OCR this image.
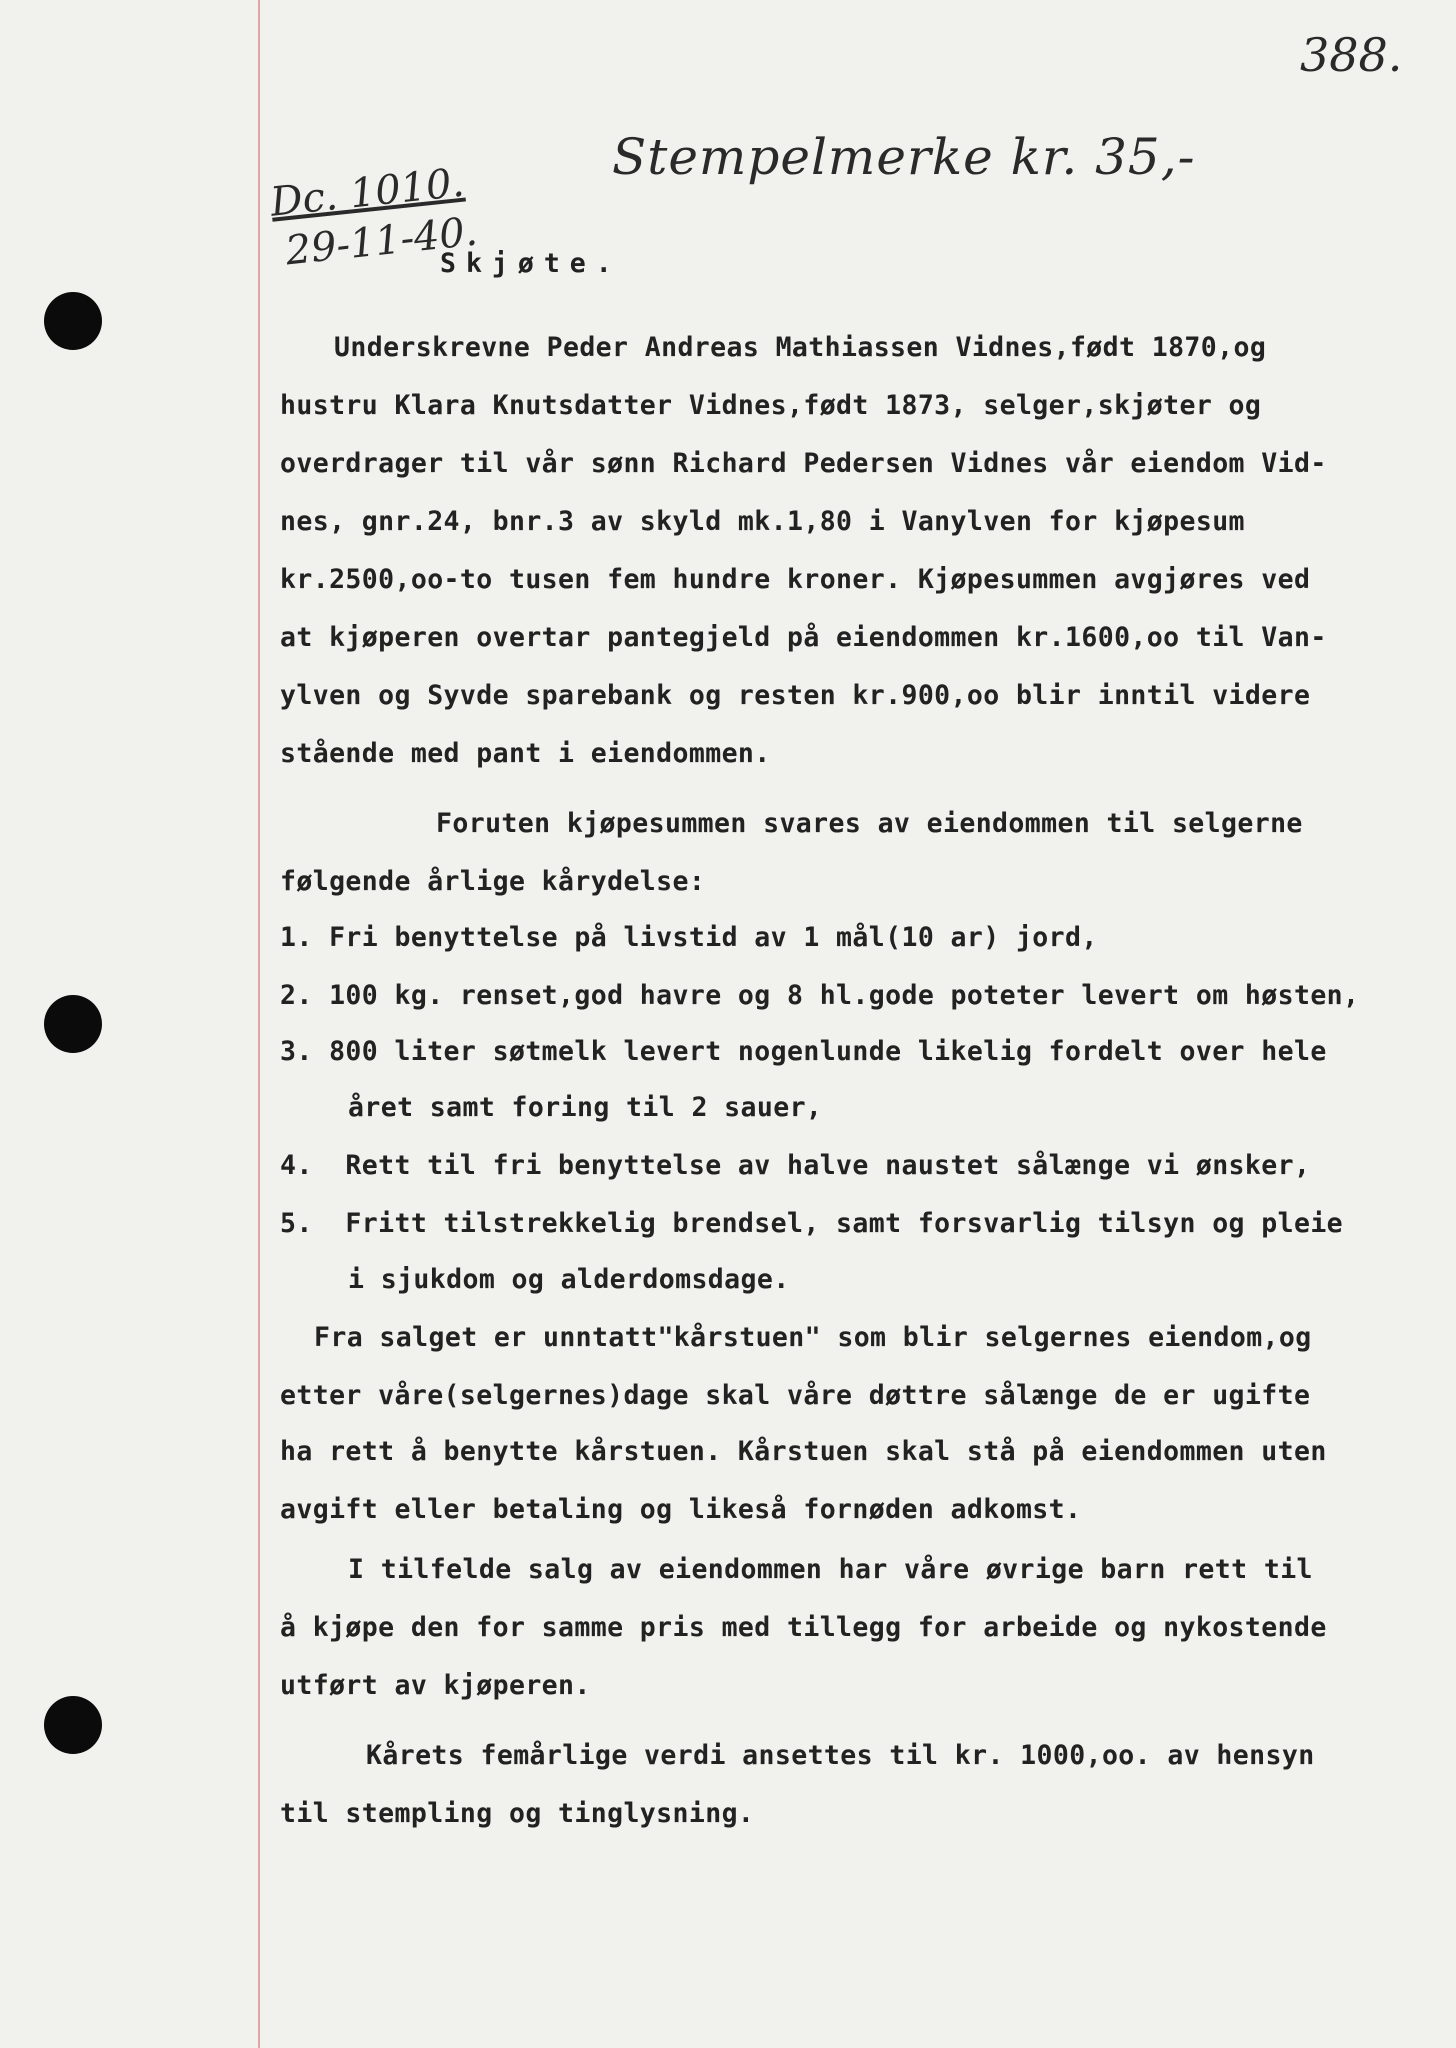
388.
Stempelmerke kr. 35,-
Dc. 1010.
29-11-40.
Skjøte.
Underskrevne Peder Andreas Mathiassen Vidnes,født 1870,og
hustru Klara Knutsdatter Vidnes,født 1873, selger,skjøter og
overdrager til vår sønn Richard Pedersen Vidnes vår eiendom Vid-
nes, gnr.24, bnr.3 av skyld mk.1,80 i Vanylven for kjøpesum
kr.2500,oo-to tusen fem hundre kroner. Kjøpesummen avgjøres ved
at kjøperen overtar pantegjeld på eiendommen kr.1600,oo til Van-
ylven og Syvde sparebank og resten kr.900,oo blir inntil videre
stående med pant i eiendommen.
Foruten kjøpesummen svares av eiendommen til selgerne
følgende årlige kårydelse:
1. Fri benyttelse på livstid av 1 mål(10 ar) jord,
2. 100 kg. renset,god havre og 8 hl.gode poteter levert om høsten,
3. 800 liter søtmelk levert nogenlunde likelig fordelt over hele
året samt foring til 2 sauer,
4.  Rett til fri benyttelse av halve naustet sålænge vi ønsker,
5.  Fritt tilstrekkelig brendsel, samt forsvarlig tilsyn og pleie
i sjukdom og alderdomsdage.
Fra salget er unntatt"kårstuen" som blir selgernes eiendom,og
etter våre(selgernes)dage skal våre døttre sålænge de er ugifte
ha rett å benytte kårstuen. Kårstuen skal stå på eiendommen uten
avgift eller betaling og likeså fornøden adkomst.
I tilfelde salg av eiendommen har våre øvrige barn rett til
å kjøpe den for samme pris med tillegg for arbeide og nykostende
utført av kjøperen.
Kårets femårlige verdi ansettes til kr. 1000,oo. av hensyn
til stempling og tinglysning.
